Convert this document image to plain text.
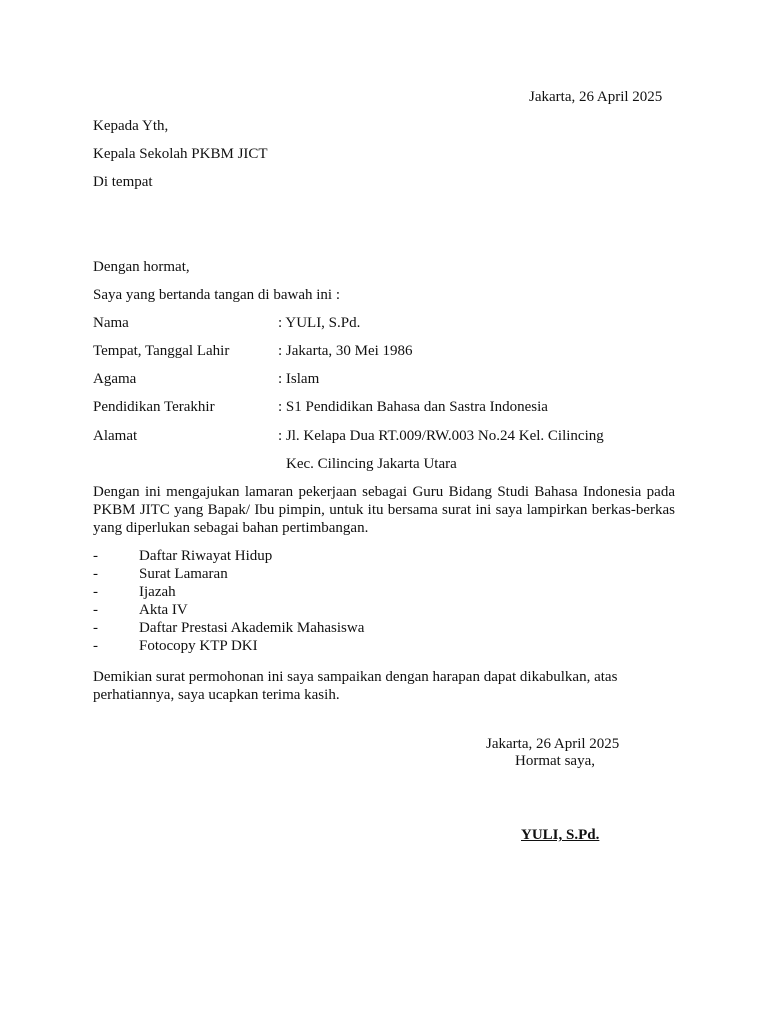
Jakarta, 26 April 2025
Kepada Yth,
Kepala Sekolah PKBM JICT
Di tempat
Dengan hormat,
Saya yang bertanda tangan di bawah ini :
Nama	: YULI, S.Pd.
Tempat, Tanggal Lahir	: Jakarta, 30 Mei 1986
Agama	: Islam
Pendidikan Terakhir	: S1 Pendidikan Bahasa dan Sastra Indonesia
Alamat	: Jl. Kelapa Dua RT.009/RW.003 No.24 Kel. Cilincing
Kec. Cilincing Jakarta Utara
Dengan ini mengajukan lamaran pekerjaan sebagai Guru Bidang Studi Bahasa Indonesia pada PKBM JITC yang Bapak/ Ibu pimpin, untuk itu bersama surat ini saya lampirkan berkas-berkas yang diperlukan sebagai bahan pertimbangan.
-	Daftar Riwayat Hidup
-	Surat Lamaran
-	Ijazah
-	Akta IV
-	Daftar Prestasi Akademik Mahasiswa
-	Fotocopy KTP DKI
Demikian surat permohonan ini saya sampaikan dengan harapan dapat dikabulkan, atas perhatiannya, saya ucapkan terima kasih.
Jakarta, 26 April 2025
Hormat saya,
YULI, S.Pd.
